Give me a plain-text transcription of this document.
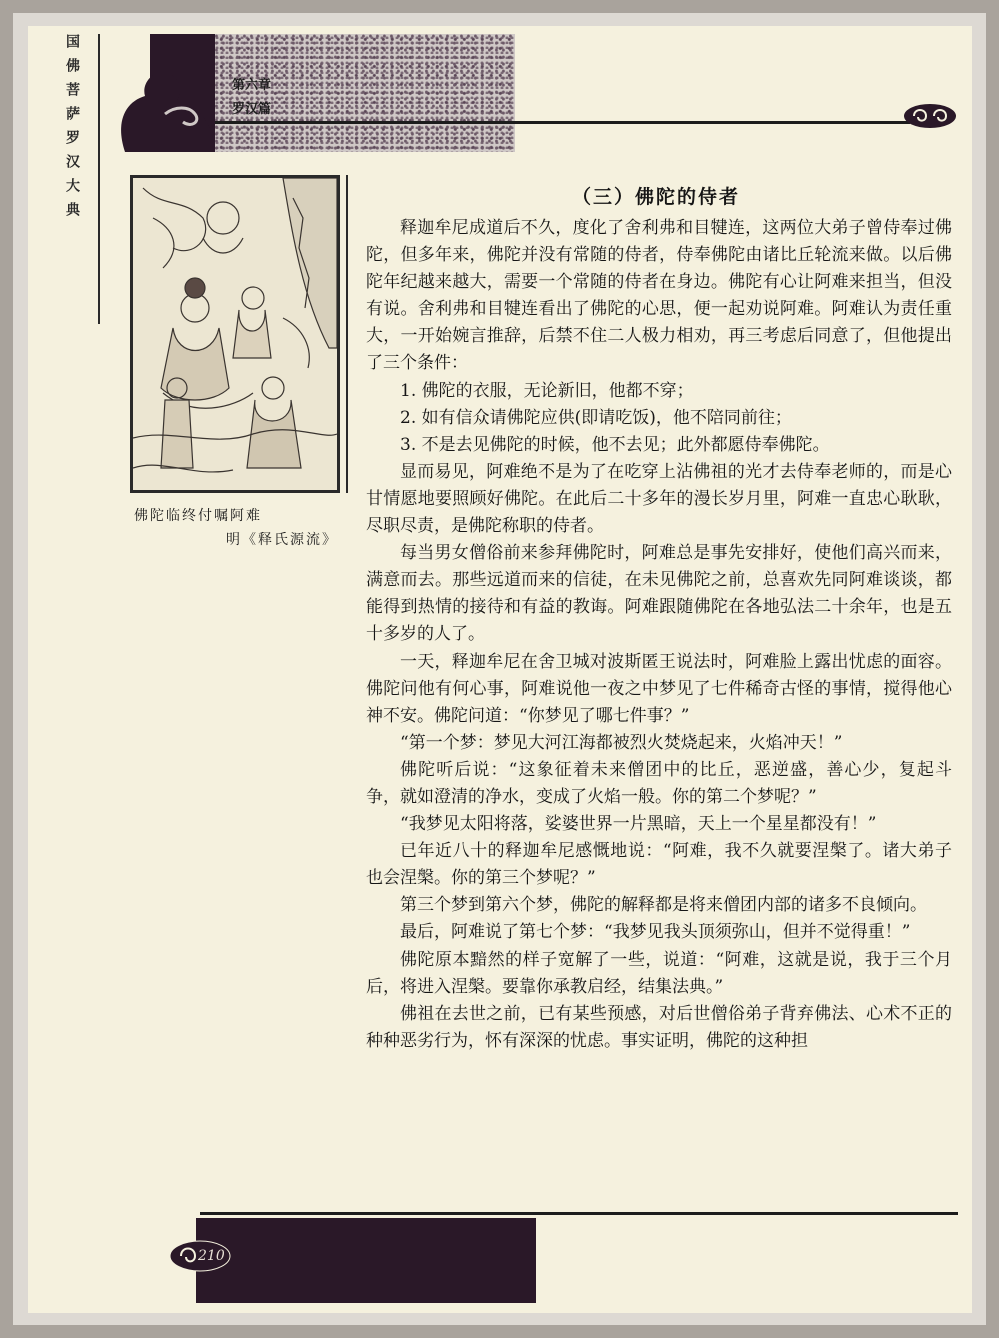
国佛菩萨罗汉大典	第六章
罗汉篇
佛陀临终付嘱阿难
明《释氏源流》
（三）佛陀的侍者

释迦牟尼成道后不久，度化了舍利弗和目犍连，这两位大弟子曾侍奉过佛陀，但多年来，佛陀并没有常随的侍者，侍奉佛陀由诸比丘轮流来做。以后佛陀年纪越来越大，需要一个常随的侍者在身边。佛陀有心让阿难来担当，但没有说。舍利弗和目犍连看出了佛陀的心思，便一起劝说阿难。阿难认为责任重大，一开始婉言推辞，后禁不住二人极力相劝，再三考虑后同意了，但他提出了三个条件：

1. 佛陀的衣服，无论新旧，他都不穿；

2. 如有信众请佛陀应供(即请吃饭)，他不陪同前往；

3. 不是去见佛陀的时候，他不去见；此外都愿侍奉佛陀。

显而易见，阿难绝不是为了在吃穿上沾佛祖的光才去侍奉老师的，而是心甘情愿地要照顾好佛陀。在此后二十多年的漫长岁月里，阿难一直忠心耿耿，尽职尽责，是佛陀称职的侍者。

每当男女僧俗前来参拜佛陀时，阿难总是事先安排好，使他们高兴而来，满意而去。那些远道而来的信徒，在未见佛陀之前，总喜欢先同阿难谈谈，都能得到热情的接待和有益的教诲。阿难跟随佛陀在各地弘法二十余年，也是五十多岁的人了。

一天，释迦牟尼在舍卫城对波斯匿王说法时，阿难脸上露出忧虑的面容。佛陀问他有何心事，阿难说他一夜之中梦见了七件稀奇古怪的事情，搅得他心神不安。佛陀问道：“你梦见了哪七件事？”

“第一个梦：梦见大河江海都被烈火焚烧起来，火焰冲天！”

佛陀听后说：“这象征着未来僧团中的比丘，恶逆盛，善心少，复起斗争，就如澄清的净水，变成了火焰一般。你的第二个梦呢？”

“我梦见太阳将落，娑婆世界一片黑暗，天上一个星星都没有！”

已年近八十的释迦牟尼感慨地说：“阿难，我不久就要涅槃了。诸大弟子也会涅槃。你的第三个梦呢？”

第三个梦到第六个梦，佛陀的解释都是将来僧团内部的诸多不良倾向。

最后，阿难说了第七个梦：“我梦见我头顶须弥山，但并不觉得重！”

佛陀原本黯然的样子宽解了一些，说道：“阿难，这就是说，我于三个月后，将进入涅槃。要靠你承教启经，结集法典。”

佛祖在去世之前，已有某些预感，对后世僧俗弟子背弃佛法、心术不正的种种恶劣行为，怀有深深的忧虑。事实证明，佛陀的这种担

210
